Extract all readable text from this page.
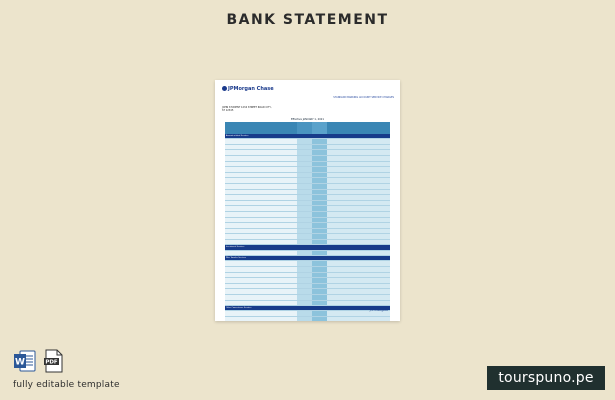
BANK STATEMENT
JPMorgan Chase
STANDARD BANKING ACCOUNT SERVICE CHARGES
JOHN STUDENT 1234 STREET ROAD CITY, ST 12345
Effective JANUARY 1, 2021
Account-related Services
Investment Services
Wire Transfer Services
Other Convenience Services	J.P.Morgan
W	PDF
fully editable template	tourspuno.pe
